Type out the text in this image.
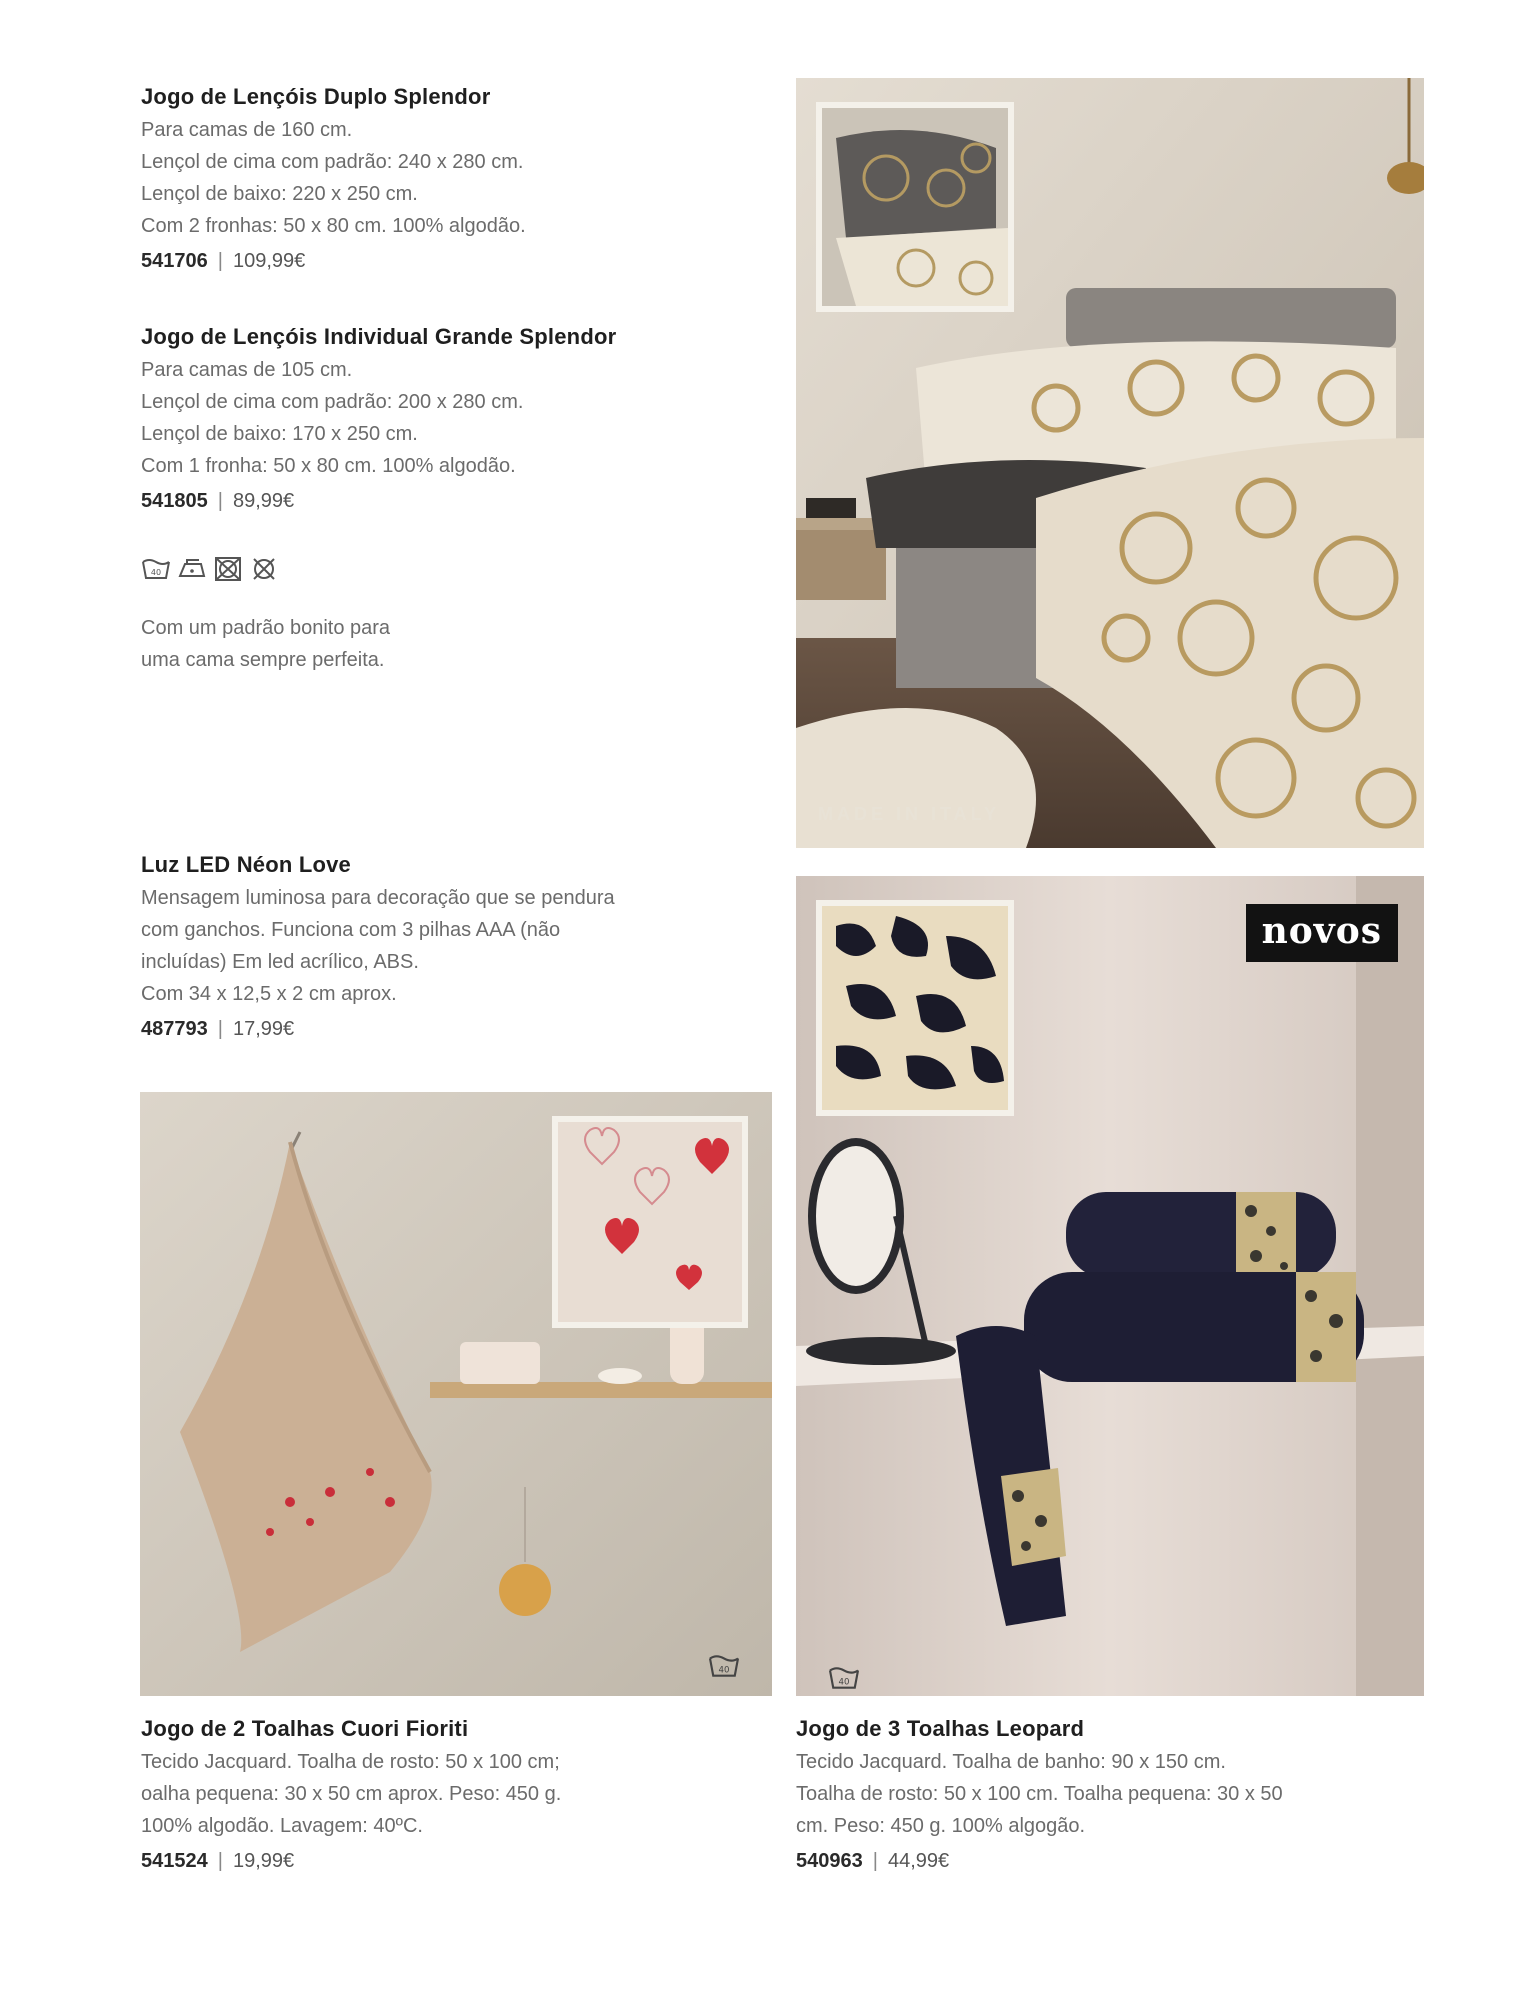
Jogo de Lençóis Duplo Splendor

Para camas de 160 cm.

Lençol de cima com padrão: 240 x 280 cm.

Lençol de baixo: 220 x 250 cm.

Com 2 fronhas: 50 x 80 cm. 100% algodão.

541706 | 109,99€

Jogo de Lençóis Individual Grande Splendor

Para camas de 105 cm.

Lençol de cima com padrão: 200 x 280 cm.

Lençol de baixo: 170 x 250 cm.

Com 1 fronha: 50 x 80 cm. 100% algodão.

541805 | 89,99€
40

Com um padrão bonito para

uma cama sempre perfeita.

MADE IN ITALY

Luz LED Néon Love

Mensagem luminosa para decoração que se pendura

com ganchos. Funciona com 3 pilhas AAA (não

incluídas) Em led acrílico, ABS.

Com 34 x 12,5 x 2 cm aprox.

487793 | 17,99€
novos
40
40

Jogo de 2 Toalhas Cuori Fioriti

Tecido Jacquard. Toalha de rosto: 50 x 100 cm;

oalha pequena: 30 x 50 cm aprox. Peso: 450 g.

100% algodão. Lavagem: 40ºC.

541524 | 19,99€

Jogo de 3 Toalhas Leopard

Tecido Jacquard. Toalha de banho: 90 x 150 cm.

Toalha de rosto: 50 x 100 cm. Toalha pequena: 30 x 50

cm. Peso: 450 g. 100% algogão.

540963 | 44,99€
